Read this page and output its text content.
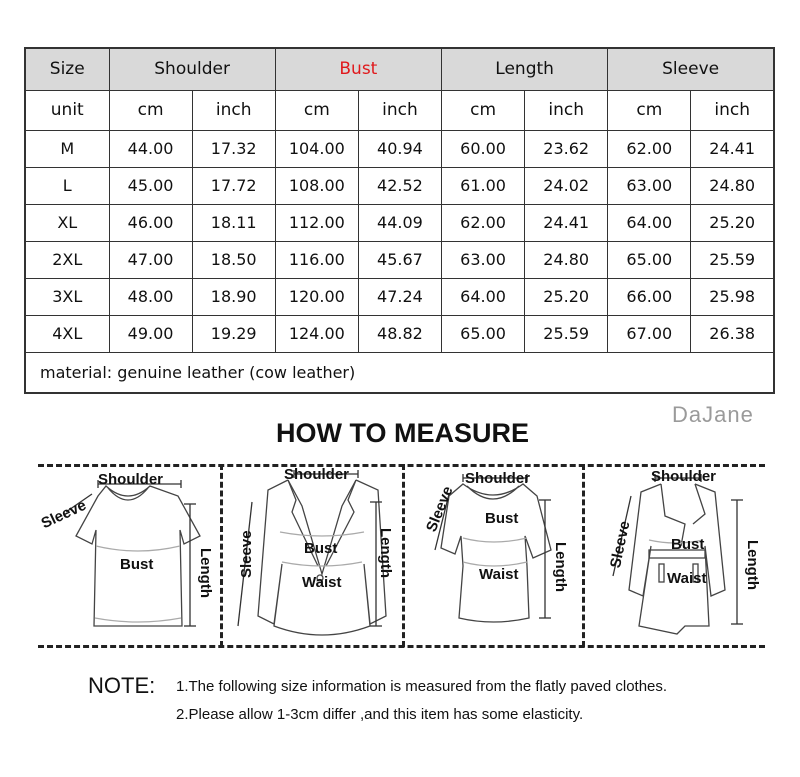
Size	Shoulder		Bust		Length		Sleeve	
unit	cm	inch	cm	inch	cm	inch	cm	inch
M	44.00	17.32	104.00	40.94	60.00	23.62	62.00	24.41
L	45.00	17.72	108.00	42.52	61.00	24.02	63.00	24.80
XL	46.00	18.11	112.00	44.09	62.00	24.41	64.00	25.20
2XL	47.00	18.50	116.00	45.67	63.00	24.80	65.00	25.59
3XL	48.00	18.90	120.00	47.24	64.00	25.20	66.00	25.98
4XL	49.00	19.29	124.00	48.82	65.00	25.59	67.00	26.38
material: genuine leather (cow leather)								
DaJane
HOW TO MEASURE
Shoulder
Sleeve
Bust	Length
Shoulder
Sleeve	Bust
Waist
Length
Shoulder
Sleeve Bust
Waist Length
Shoulder
Sleeve Bust
Waist	Length
NOTE: 1.The following size information is measured from the flatly paved clothes.
2.Please allow 1-3cm differ ,and this item has some elasticity.
